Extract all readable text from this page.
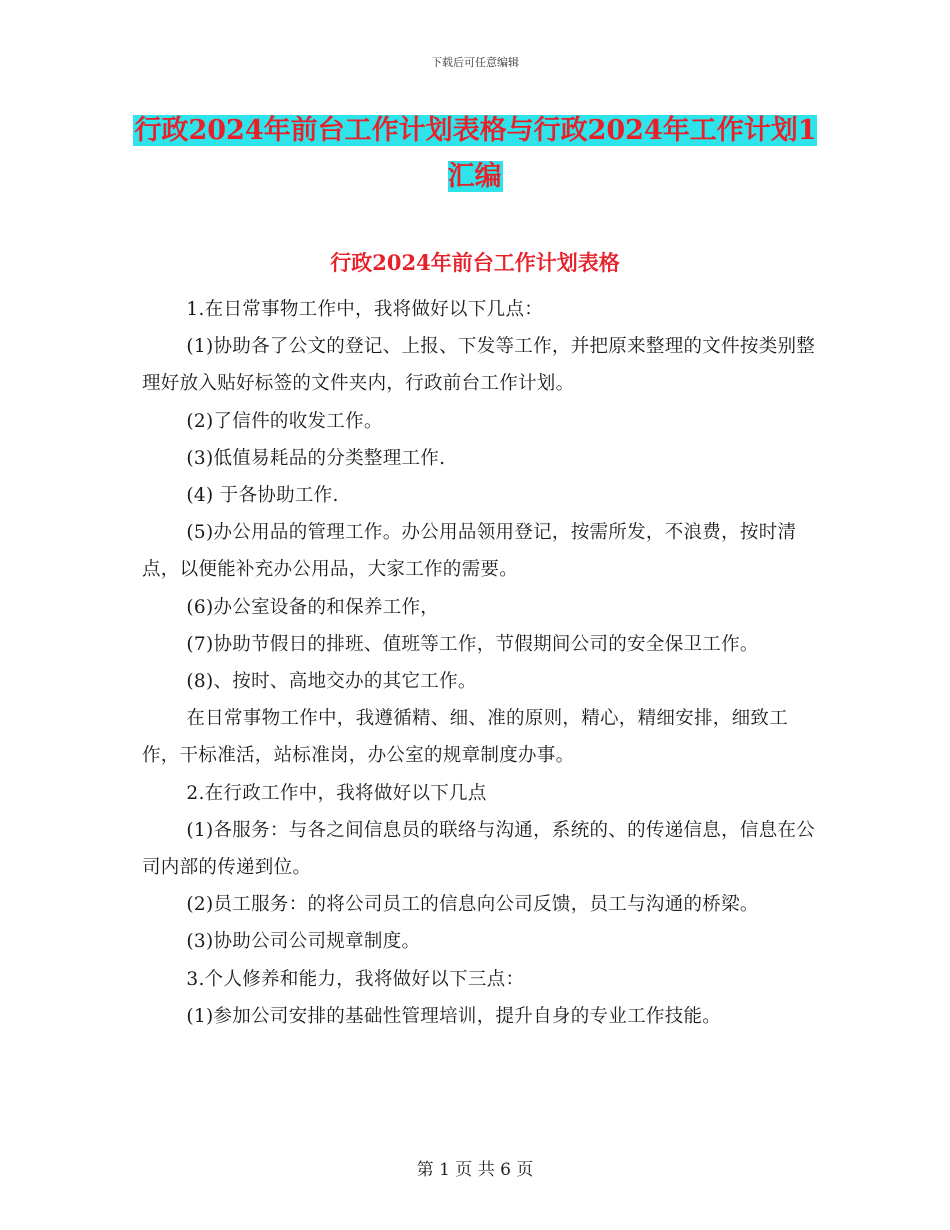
下载后可任意编辑
行政2024年前台工作计划表格与行政2024年工作计划1汇编
行政2024年前台工作计划表格

1.在日常事物工作中，我将做好以下几点：

(1)协助各了公文的登记、上报、下发等工作，并把原来整理的文件按类别整理好放入贴好标签的文件夹内，行政前台工作计划。

(2)了信件的收发工作。

(3)低值易耗品的分类整理工作.

(4) 于各协助工作.

(5)办公用品的管理工作。办公用品领用登记，按需所发，不浪费，按时清点，以便能补充办公用品，大家工作的需要。

(6)办公室设备的和保养工作，

(7)协助节假日的排班、值班等工作，节假期间公司的安全保卫工作。

(8)、按时、高地交办的其它工作。

在日常事物工作中，我遵循精、细、准的原则，精心，精细安排，细致工作，干标准活，站标准岗，办公室的规章制度办事。

2.在行政工作中，我将做好以下几点

(1)各服务：与各之间信息员的联络与沟通，系统的、的传递信息，信息在公司内部的传递到位。

(2)员工服务：的将公司员工的信息向公司反馈，员工与沟通的桥梁。

(3)协助公司公司规章制度。

3.个人修养和能力，我将做好以下三点：

(1)参加公司安排的基础性管理培训，提升自身的专业工作技能。

第 1 页 共 6 页
